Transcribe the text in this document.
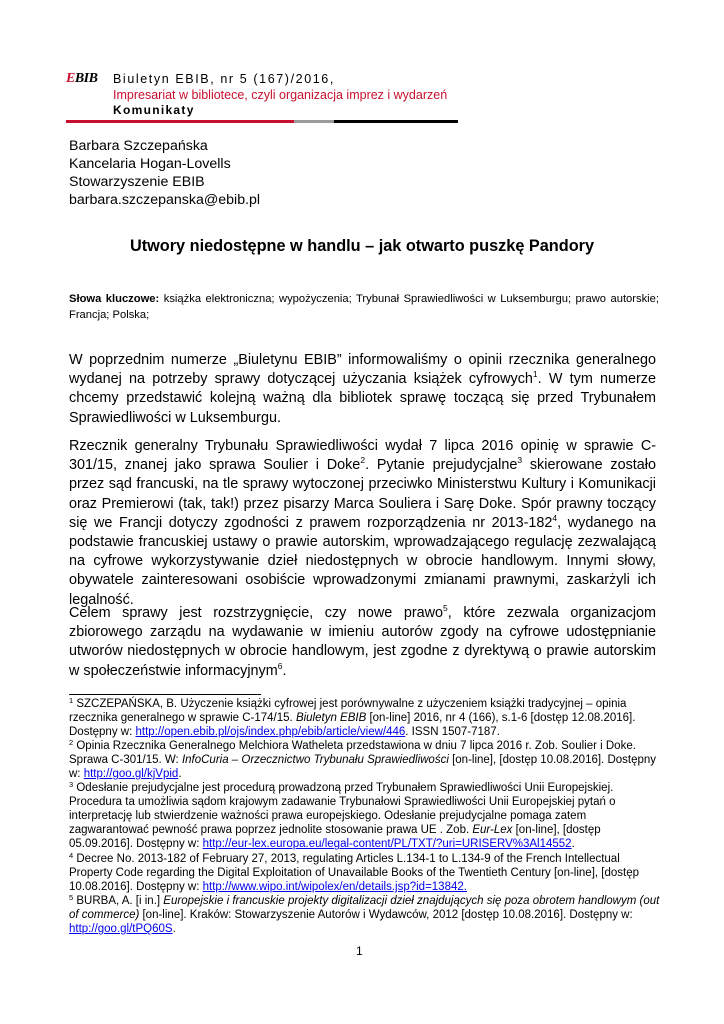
EBIB Biuletyn EBIB, nr 5 (167)/2016,
Impresariat w bibliotece, czyli organizacja imprez i wydarzeń
Komunikaty
Barbara Szczepańska
Kancelaria Hogan-Lovells
Stowarzyszenie EBIB
barbara.szczepanska@ebib.pl
Utwory niedostępne w handlu – jak otwarto puszkę Pandory
Słowa kluczowe: książka elektroniczna; wypożyczenia; Trybunał Sprawiedliwości w Luksemburgu; prawo autorskie; Francja; Polska;

W poprzednim numerze „Biuletynu EBIB” informowaliśmy o opinii rzecznika generalnego wydanej na potrzeby sprawy dotyczącej użyczania książek cyfrowych$^1$. W tym numerze chcemy przedstawić kolejną ważną dla bibliotek sprawę toczącą się przed Trybunałem Sprawiedliwości w Luksemburgu.

Rzecznik generalny Trybunału Sprawiedliwości wydał 7 lipca 2016 opinię w sprawie C-301/15, znanej jako sprawa Soulier i Doke$^2$. Pytanie prejudycjalne$^3$ skierowane zostało przez sąd francuski, na tle sprawy wytoczonej przeciwko Ministerstwu Kultury i Komunikacji oraz Premierowi (tak, tak!) przez pisarzy Marca Souliera i Sarę Doke. Spór prawny toczący się we Francji dotyczy zgodności z prawem rozporządzenia nr $2013-182^4$, wydanego na podstawie francuskiej ustawy o prawie autorskim, wprowadzającego regulację zezwalającą na cyfrowe wykorzystywanie dzieł niedostępnych w obrocie handlowym. Innymi słowy, obywatele zainteresowani osobiście wprowadzonymi zmianami prawnymi, zaskarżyli ich legalność.

Celem sprawy jest rozstrzygnięcie, czy nowe prawo$^5$, które zezwala organizacjom zbiorowego zarządu na wydawanie w imieniu autorów zgody na cyfrowe udostępnianie utworów niedostępnych w obrocie handlowym, jest zgodne z dyrektywą o prawie autorskim w społeczeństwie informacyjnym$^6$.

$^1$ SZCZEPAŃSKA, B. Użyczenie książki cyfrowej jest porównywalne z użyczeniem książki tradycyjnej – opinia rzecznika generalnego w sprawie C-174/15. Biuletyn EBIB [on-line] 2016, nr 4 (166), s.1-6 [dostęp 12.08.2016]. Dostępny w: http://open.ebib.pl/ojs/index.php/ebib/article/view/446. ISSN 1507-7187.
$^2$ Opinia Rzecznika Generalnego Melchiora Watheleta przedstawiona w dniu 7 lipca 2016 r. Zob. Soulier i Doke. Sprawa C-301/15. W: InfoCuria – Orzecznictwo Trybunału Sprawiedliwości [on-line], [dostęp 10.08.2016]. Dostępny w: http://goo.gl/kjVpid.
$^3$ Odesłanie prejudycjalne jest procedurą prowadzoną przed Trybunałem Sprawiedliwości Unii Europejskiej. Procedura ta umożliwia sądom krajowym zadawanie Trybunałowi Sprawiedliwości Unii Europejskiej pytań o interpretację lub stwierdzenie ważności prawa europejskiego. Odesłanie prejudycjalne pomaga zatem zagwarantować pewność prawa poprzez jednolite stosowanie prawa UE . Zob. Eur-Lex [on-line], [dostęp 05.09.2016]. Dostępny w: http://eur-lex.europa.eu/legal-content/PL/TXT/?uri=URISERV%3Al14552.
$^4$ Decree No. 2013-182 of February 27, 2013, regulating Articles L.134-1 to L.134-9 of the French Intellectual Property Code regarding the Digital Exploitation of Unavailable Books of the Twentieth Century [on-line], [dostęp 10.08.2016]. Dostępny w: http://www.wipo.int/wipolex/en/details.jsp?id=13842.
$^5$ BURBA, A. [i in.] Europejskie i francuskie projekty digitalizacji dzieł znajdujących się poza obrotem handlowym (out of commerce) [on-line]. Kraków: Stowarzyszenie Autorów i Wydawców, 2012 [dostęp 10.08.2016]. Dostępny w: http://goo.gl/tPQ60S.
1
